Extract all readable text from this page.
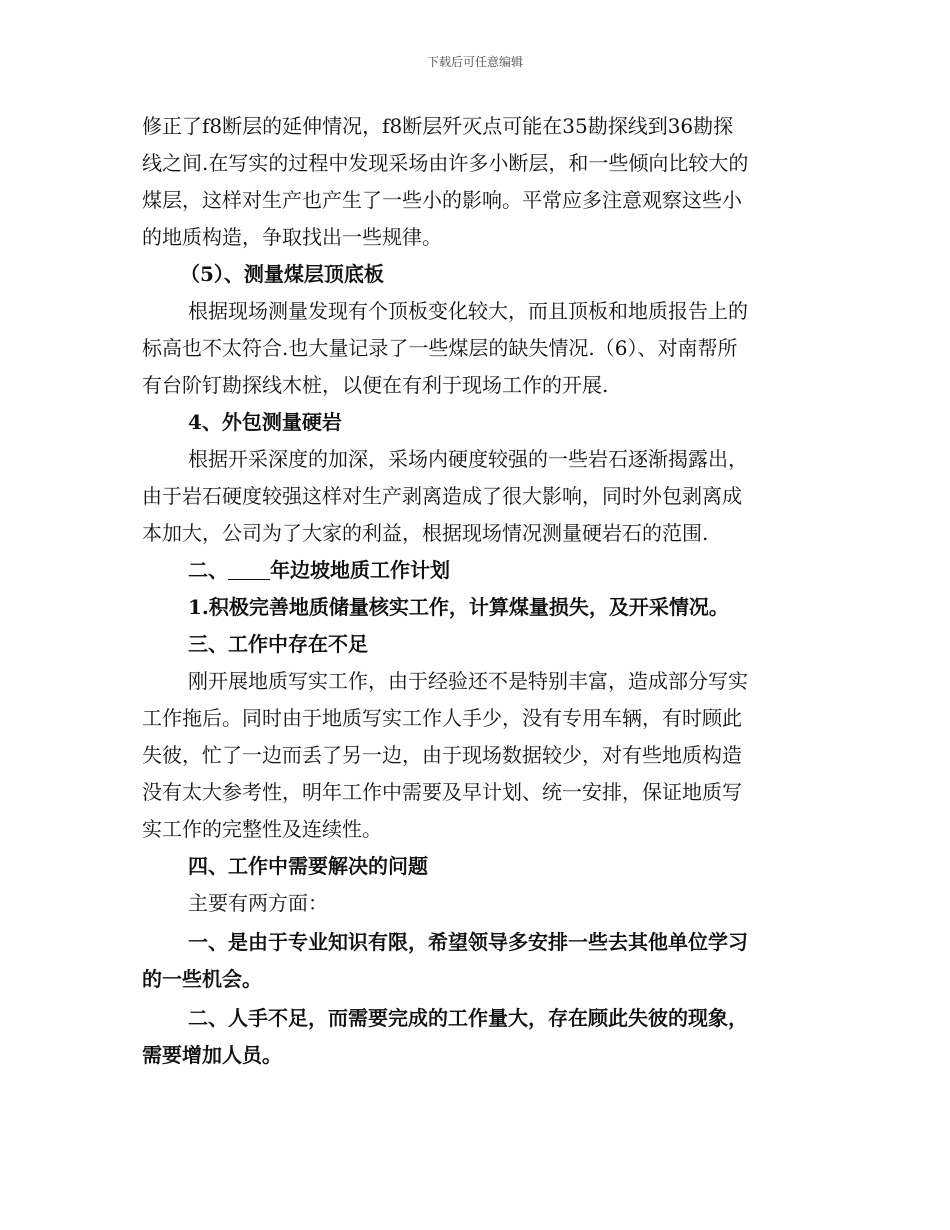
下载后可任意编辑
修正了f8断层的延伸情况，f8断层歼灭点可能在35勘探线到36勘探
线之间.在写实的过程中发现采场由许多小断层，和一些倾向比较大的
煤层，这样对生产也产生了一些小的影响。平常应多注意观察这些小
的地质构造，争取找出一些规律。
（5）、测量煤层顶底板
根据现场测量发现有个顶板变化较大，而且顶板和地质报告上的
标高也不太符合.也大量记录了一些煤层的缺失情况.（6）、对南帮所
有台阶钉勘探线木桩，以便在有利于现场工作的开展.
4、外包测量硬岩
根据开采深度的加深，采场内硬度较强的一些岩石逐渐揭露出，
由于岩石硬度较强这样对生产剥离造成了很大影响，同时外包剥离成
本加大，公司为了大家的利益，根据现场情况测量硬岩石的范围.
二、 年边坡地质工作计划
1.积极完善地质储量核实工作，计算煤量损失，及开采情况。
三、工作中存在不足
刚开展地质写实工作，由于经验还不是特别丰富，造成部分写实
工作拖后。同时由于地质写实工作人手少，没有专用车辆，有时顾此
失彼，忙了一边而丢了另一边，由于现场数据较少，对有些地质构造
没有太大参考性，明年工作中需要及早计划、统一安排，保证地质写
实工作的完整性及连续性。
四、工作中需要解决的问题
主要有两方面：
一、是由于专业知识有限，希望领导多安排一些去其他单位学习
的一些机会。
二、人手不足，而需要完成的工作量大，存在顾此失彼的现象，
需要增加人员。
